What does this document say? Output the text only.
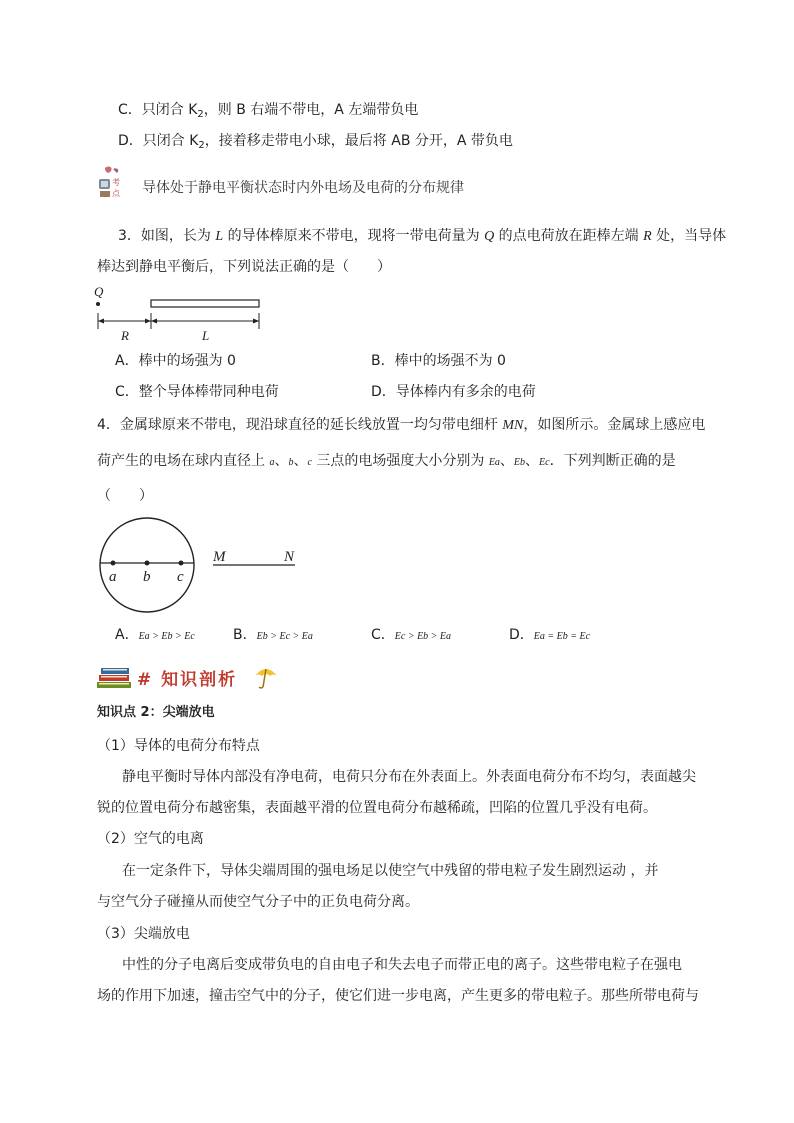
C．只闭合 $K_2$，则 B 右端不带电，A 左端带负电
D．只闭合 $K_2$，接着移走带电小球，最后将 AB 分开，A 带负电
考
点 导体处于静电平衡状态时内外电场及电荷的分布规律
3．如图，长为 L 的导体棒原来不带电，现将一带电荷量为 Q 的点电荷放在距棒左端 R 处，当导体
棒达到静电平衡后，下列说法正确的是（　　）
Q
R	L
A．棒中的场强为 0	B．棒中的场强不为 0
C．整个导体棒带同种电荷	D．导体棒内有多余的电荷
4．金属球原来不带电，现沿球直径的延长线放置一均匀带电细杆 MN，如图所示。金属球上感应电
荷产生的电场在球内直径上 a、b、c 三点的电场强度大小分别为 Ea、Eb、Ec．下列判断正确的是
（　　）
a b c
M	N
A．Ea > Eb > Ec	B．Eb > Ec > Ea	C．Ec > Eb > Ea	D．Ea = Eb = Ec
# 知识剖析
知识点 2：尖端放电
（1）导体的电荷分布特点
静电平衡时导体内部没有净电荷，电荷只分布在外表面上。外表面电荷分布不均匀，表面越尖
锐的位置电荷分布越密集，表面越平滑的位置电荷分布越稀疏，凹陷的位置几乎没有电荷。
（2）空气的电离
在一定条件下，导体尖端周围的强电场足以使空气中残留的带电粒子发生剧烈运动 ，并
与空气分子碰撞从而使空气分子中的正负电荷分离。
（3）尖端放电
中性的分子电离后变成带负电的自由电子和失去电子而带正电的离子。这些带电粒子在强电
场的作用下加速，撞击空气中的分子，使它们进一步电离，产生更多的带电粒子。那些所带电荷与
